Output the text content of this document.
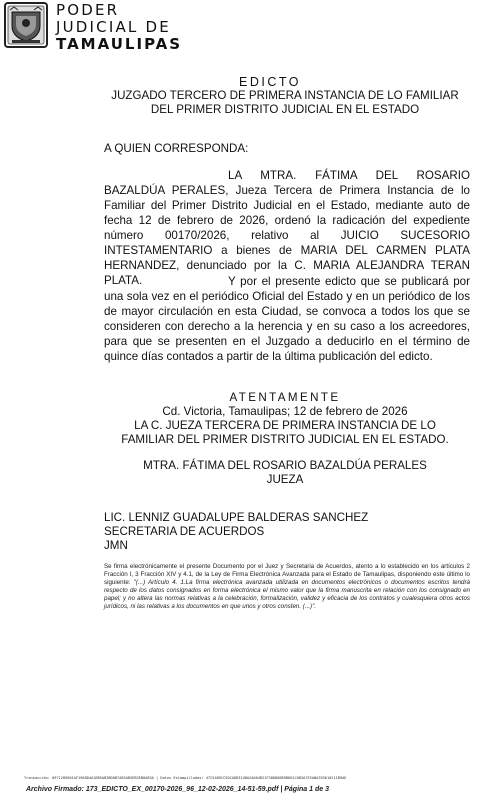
PODER
JUDICIAL DE
TAMAULIPAS
EDICTO
JUZGADO TERCERO DE PRIMERA INSTANCIA DE LO FAMILIAR
DEL PRIMER DISTRITO JUDICIAL EN EL ESTADO
A QUIEN CORRESPONDA:
LA MTRA. FÁTIMA DEL ROSARIO BAZALDÚA PERALES, Jueza Tercera de Primera Instancia de lo Familiar del Primer Distrito Judicial en el Estado, mediante auto de fecha 12 de febrero de 2026, ordenó la radicación del expediente número 00170/2026, relativo al JUICIO SUCESORIO INTESTAMENTARIO a bienes de MARIA DEL CARMEN PLATA HERNANDEZ, denunciado por la C. MARIA ALEJANDRA TERAN PLATA.	Y por el presente edicto que se publicará por una sola vez en el periódico Oficial del Estado y en un periódico de los de mayor circulación en esta Ciudad, se convoca a todos los que se consideren con derecho a la herencia y en su caso a los acreedores, para que se presenten en el Juzgado a deducirlo en el término de quince días contados a partir de la última publicación del edicto.
ATENTAMENTE
Cd. Victoria, Tamaulipas; 12 de febrero de 2026
LA C. JUEZA TERCERA DE PRIMERA INSTANCIA DE LO
FAMILIAR DEL PRIMER DISTRITO JUDICIAL EN EL ESTADO.
MTRA. FÁTIMA DEL ROSARIO BAZALDÚA PERALES
JUEZA
LIC. LENNIZ GUADALUPE BALDERAS SANCHEZ
SECRETARIA DE ACUERDOS
JMN
Se firma electrónicamente el presente Documento por el Juez y Secretaria de Acuerdos, atento a lo establecido en los artículos 2 Fracción I, 3 Fracción XIV y 4.1, de la Ley de Firma Electrónica Avanzada para el Estado de Tamaulipas, disponiendo este último lo siguiente: "(...) Artículo 4. 1.La firma electrónica avanzada utilizada en documentos electrónicos o documentos escritos tendrá respecto de los datos consignados en forma electrónica el mismo valor que la firma manuscrita en relación con los consignado en papel; y no altera las normas relativas a la celebración, formalización, validez y eficacia de los contratos y cualesquiera otros actos jurídicos, ni las relativas a los documentos en que unos y otros consten. (...)".
Transacción: 0971289061AF1968D4A1BB5AB3BD0B7A83AB3EB3EB0AB3A | Datos Estampillados: 47C5489CC5DCADD31UDA2A004B21F380D80B9B6D1C0B3A7E5ABA393610211B9AE
Archivo Firmado: 173_EDICTO_EX_00170-2026_96_12-02-2026_14-51-59.pdf | Página 1 de 3
